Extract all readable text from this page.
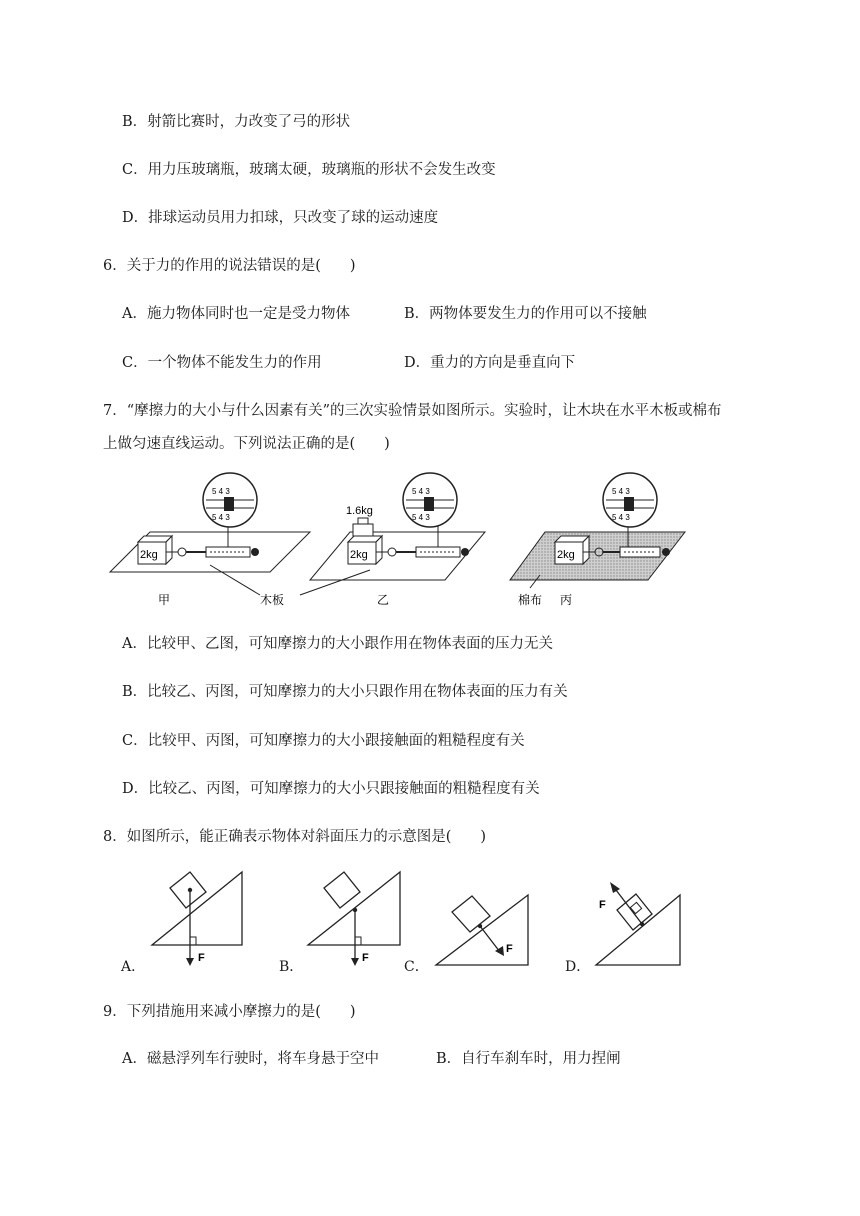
B．射箭比赛时，力改变了弓的形状
C．用力压玻璃瓶，玻璃太硬，玻璃瓶的形状不会发生改变
D．排球运动员用力扣球，只改变了球的运动速度
6．关于力的作用的说法错误的是(　　)
A．施力物体同时也一定是受力物体	B．两物体要发生力的作用可以不接触
C．一个物体不能发生力的作用	D．重力的方向是垂直向下
7．“摩擦力的大小与什么因素有关”的三次实验情景如图所示。实验时，让木块在水平木板或棉布
上做匀速直线运动。下列说法正确的是(　　)
5 4 3
5 4 3
2kg
1.6kg
5 4 3
5 4 3
2kg
5 4 3
5 4 3
2kg
甲	木板	乙	棉布 丙
A．比较甲、乙图，可知摩擦力的大小跟作用在物体表面的压力无关
B．比较乙、丙图，可知摩擦力的大小只跟作用在物体表面的压力有关
C．比较甲、丙图，可知摩擦力的大小跟接触面的粗糙程度有关
D．比较乙、丙图，可知摩擦力的大小只跟接触面的粗糙程度有关
8．如图所示，能正确表示物体对斜面压力的示意图是(　　)
F	F
F
F
A．	B．	C．	D．
9．下列措施用来减小摩擦力的是(　　)
A．磁悬浮列车行驶时，将车身悬于空中	B．自行车刹车时，用力捏闸
